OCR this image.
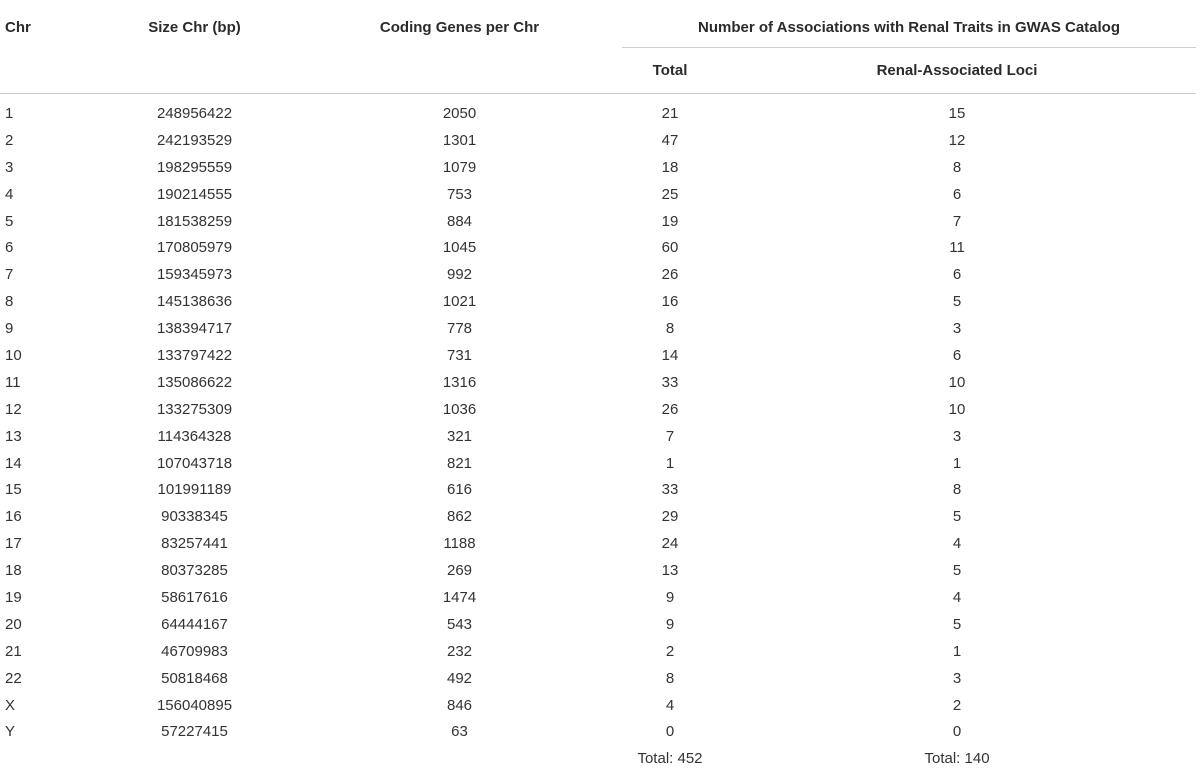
Chr	Size Chr (bp)	Coding Genes per Chr	Number of Associations with Renal Traits in GWAS Catalog	
			Total	Renal-Associated Loci
1	248956422	2050	21	15
2	242193529	1301	47	12
3	198295559	1079	18	8
4	190214555	753	25	6
5	181538259	884	19	7
6	170805979	1045	60	11
7	159345973	992	26	6
8	145138636	1021	16	5
9	138394717	778	8	3
10	133797422	731	14	6
11	135086622	1316	33	10
12	133275309	1036	26	10
13	114364328	321	7	3
14	107043718	821	1	1
15	101991189	616	33	8
16	90338345	862	29	5
17	83257441	1188	24	4
18	80373285	269	13	5
19	58617616	1474	9	4
20	64444167	543	9	5
21	46709983	232	2	1
22	50818468	492	8	3
X	156040895	846	4	2
Y	57227415	63	0	0
			Total: 452	Total: 140
